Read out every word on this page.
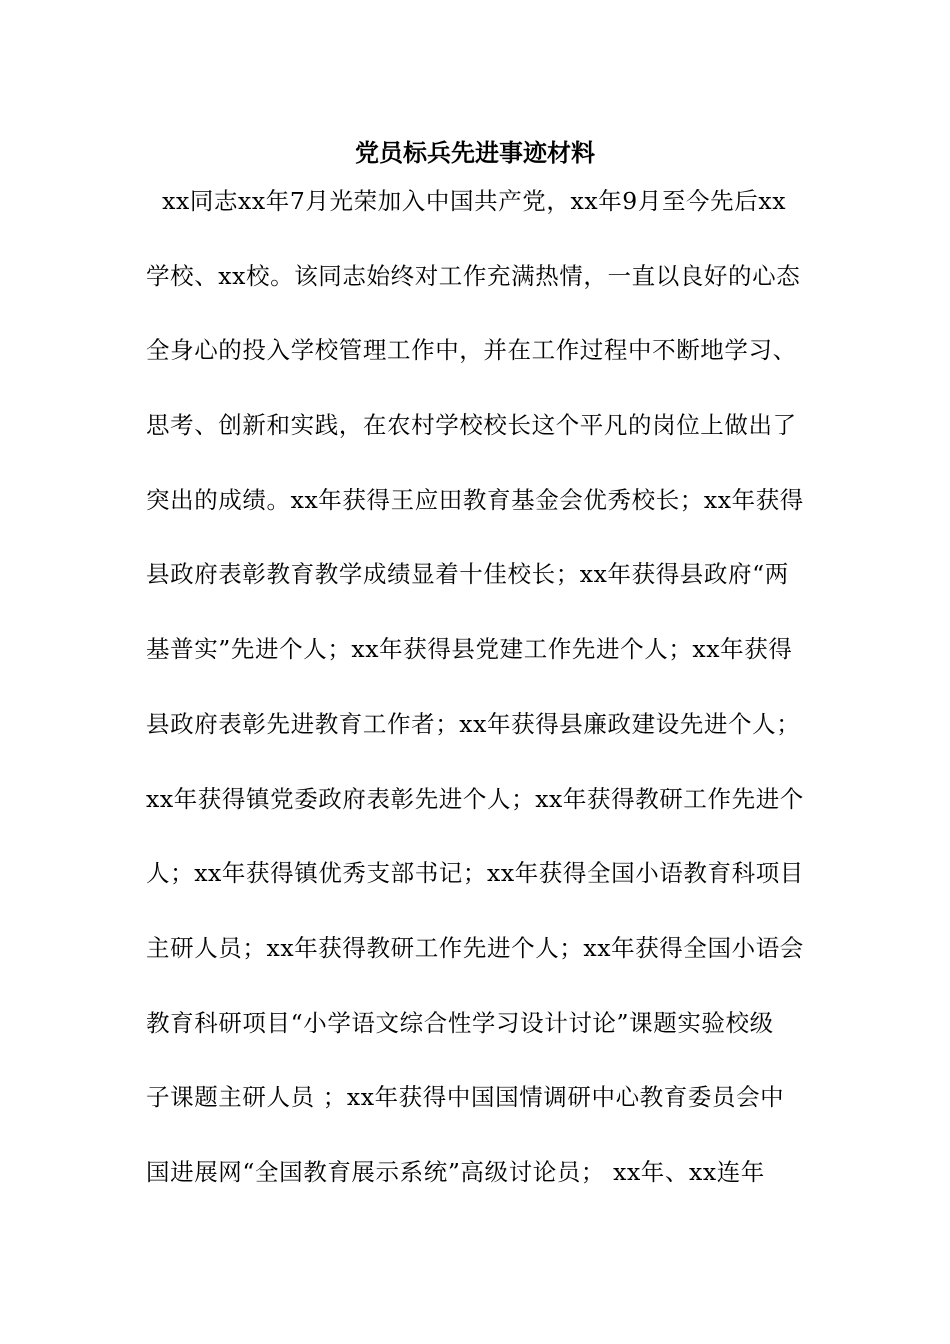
党员标兵先进事迹材料
xx同志xx年7月光荣加入中国共产党，xx年9月至今先后xx
学校、xx校。该同志始终对工作充满热情，一直以良好的心态
全身心的投入学校管理工作中，并在工作过程中不断地学习、
思考、创新和实践，在农村学校校长这个平凡的岗位上做出了
突出的成绩。xx年获得王应田教育基金会优秀校长；xx年获得
县政府表彰教育教学成绩显着十佳校长；xx年获得县政府“两
基普实”先进个人；xx年获得县党建工作先进个人；xx年获得
县政府表彰先进教育工作者；xx年获得县廉政建设先进个人；
xx年获得镇党委政府表彰先进个人；xx年获得教研工作先进个
人；xx年获得镇优秀支部书记；xx年获得全国小语教育科项目
主研人员；xx年获得教研工作先进个人；xx年获得全国小语会
教育科研项目“小学语文综合性学习设计讨论”课题实验校级
子课题主研人员 ；xx年获得中国国情调研中心教育委员会中
国进展网“全国教育展示系统”高级讨论员； xx年、xx连年
